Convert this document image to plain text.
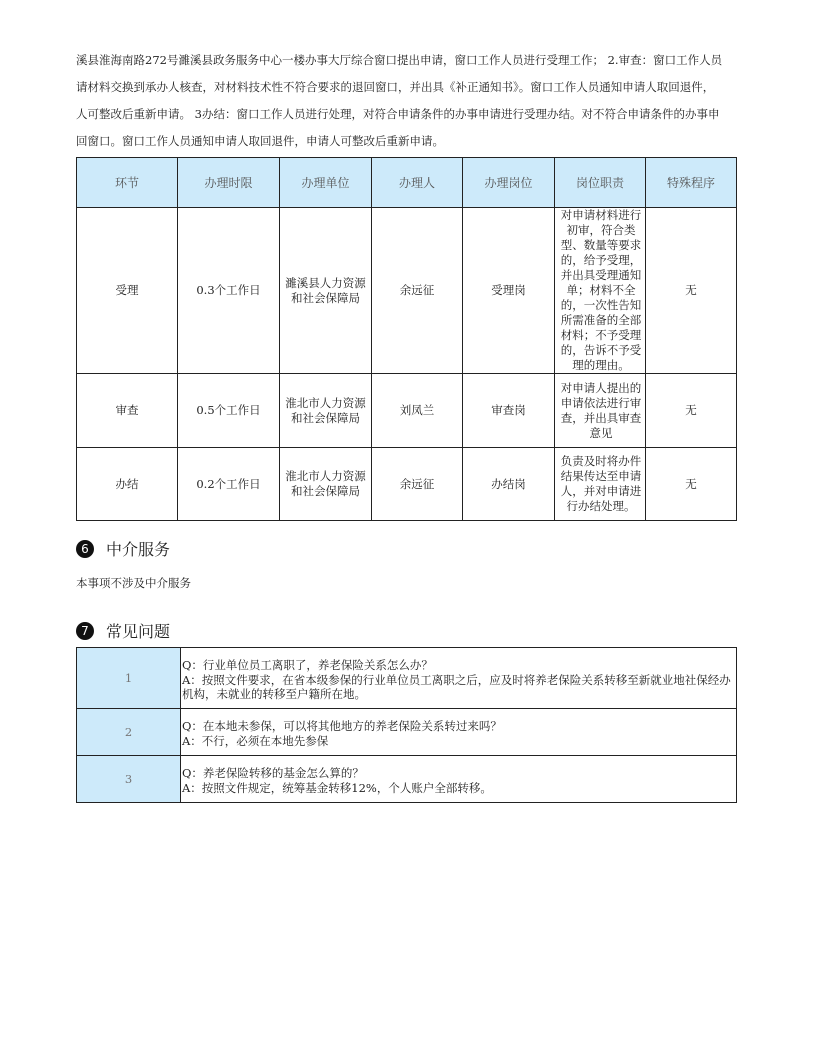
溪县淮海南路272号濉溪县政务服务中心一楼办事大厅综合窗口提出申请，窗口工作人员进行受理工作； 2.审查：窗口工作人员
请材料交换到承办人核查，对材料技术性不符合要求的退回窗口，并出具《补正通知书》。窗口工作人员通知申请人取回退件，
人可整改后重新申请。 3办结：窗口工作人员进行处理，对符合申请条件的办事申请进行受理办结。对不符合申请条件的办事申
回窗口。窗口工作人员通知申请人取回退件，申请人可整改后重新申请。
环节	办理时限	办理单位	办理人	办理岗位	岗位职责	特殊程序
受理	0.3个工作日	濉溪县人力资源和社会保障局	余远征	受理岗	对申请材料进行初审，符合类型、数量等要求的，给予受理，并出具受理通知单；材料不全的，一次性告知所需准备的全部材料；不予受理的，告诉不予受理的理由。	无
审查	0.5个工作日	淮北市人力资源和社会保障局	刘凤兰	审查岗	对申请人提出的申请依法进行审查，并出具审查意见	无
办结	0.2个工作日	淮北市人力资源和社会保障局	余远征	办结岗	负责及时将办件结果传达至申请人，并对申请进行办结处理。	无
6	中介服务
本事项不涉及中介服务
7	常见问题
1	Q：行业单位员工离职了，养老保险关系怎么办？
A：按照文件要求，在省本级参保的行业单位员工离职之后，应及时将养老保险关系转移至新就业地社保经办机构，未就业的转移至户籍所在地。

2	Q：在本地未参保，可以将其他地方的养老保险关系转过来吗？
A：不行，必须在本地先参保

3	Q：养老保险转移的基金怎么算的？
A：按照文件规定，统筹基金转移12%，个人账户全部转移。
